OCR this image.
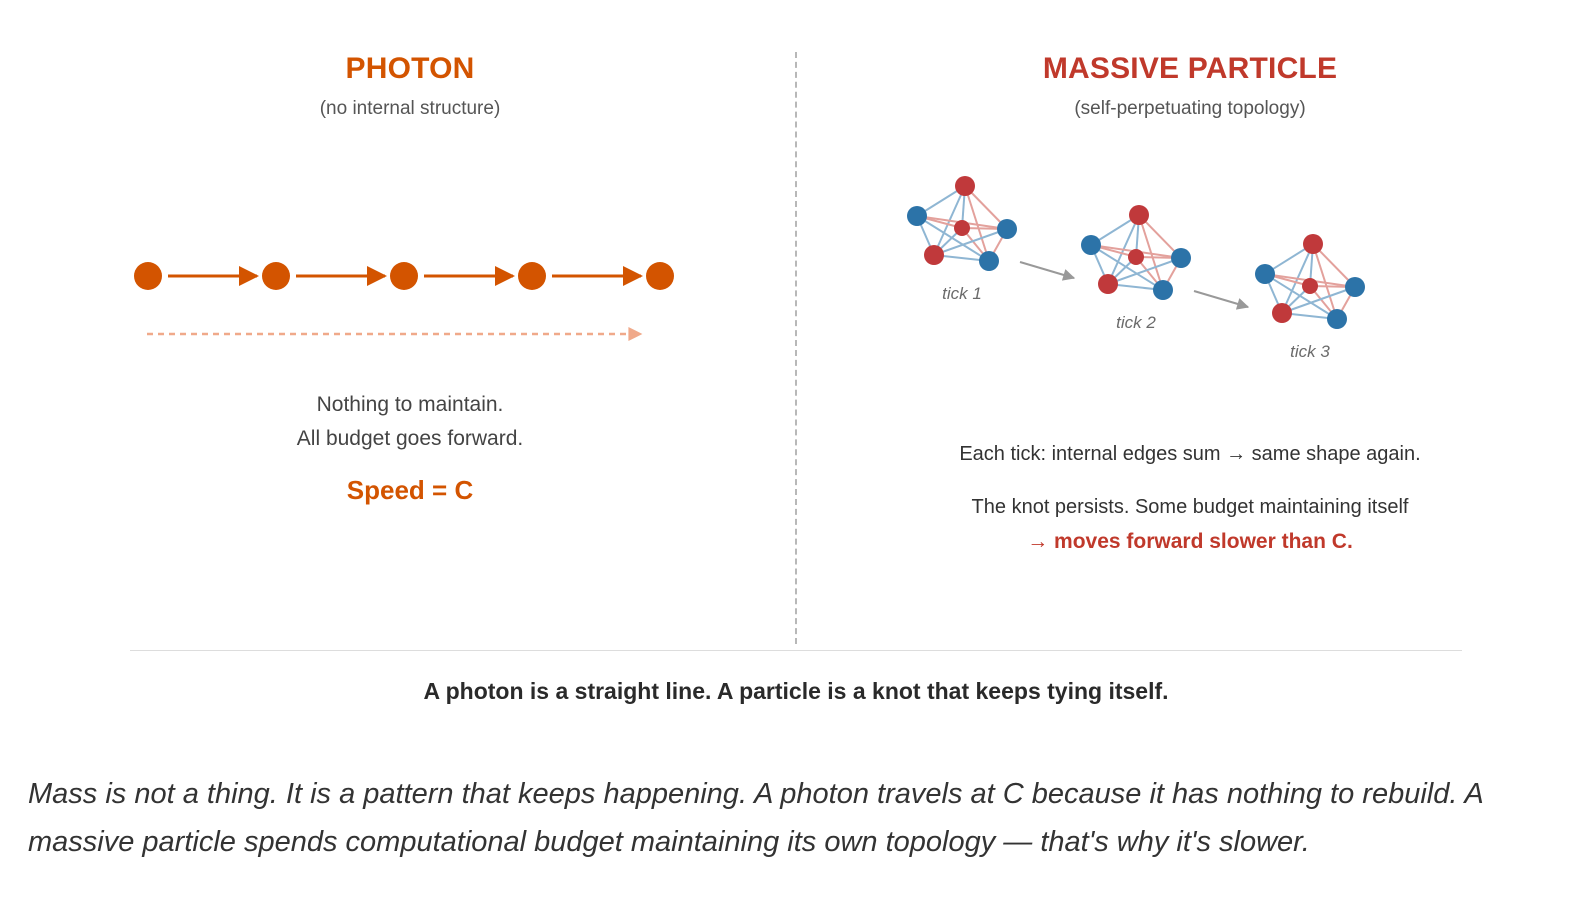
PHOTON
(no internal structure)
Nothing to maintain.
All budget goes forward.
Speed = C
MASSIVE PARTICLE
(self-perpetuating topology)
tick 1
tick 2
tick 3
Each tick: internal edges sum → same shape again.
The knot persists. Some budget maintaining itself
→ moves forward slower than C.
A photon is a straight line. A particle is a knot that keeps tying itself.
Mass is not a thing. It is a pattern that keeps happening. A photon travels at C because it has nothing to rebuild. A massive particle spends computational budget maintaining its own topology — that's why it's slower.
